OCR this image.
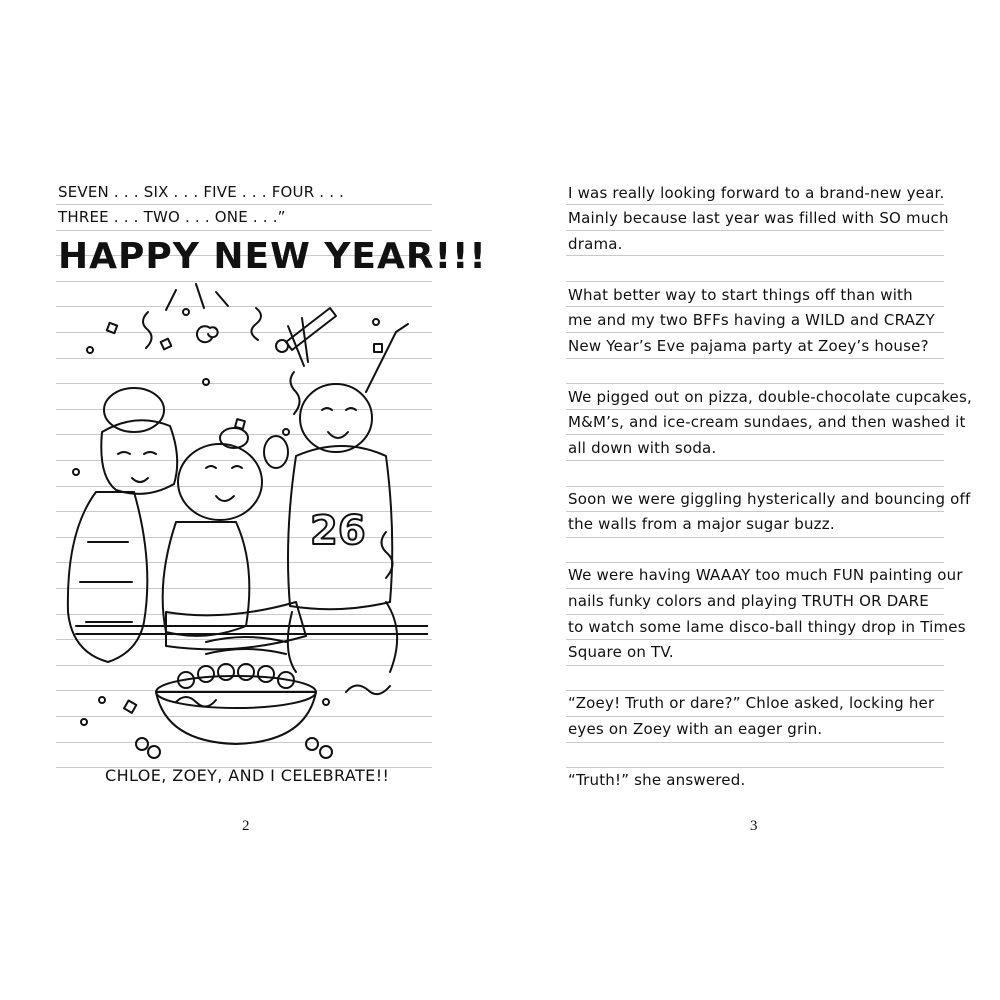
SEVEN . . . SIX . . . FIVE . . . FOUR . . .
THREE . . . TWO . . . ONE . . .”
HAPPY NEW YEAR!!!
26
CHLOE, ZOEY, AND I CELEBRATE!!
2
I was really looking forward to a brand-new year.
Mainly because last year was filled with SO much
drama.
What better way to start things off than with
me and my two BFFs having a WILD and CRAZY
New Year’s Eve pajama party at Zoey’s house?
We pigged out on pizza, double-chocolate cupcakes,
M&M’s, and ice-cream sundaes, and then washed it
all down with soda.
Soon we were giggling hysterically and bouncing off
the walls from a major sugar buzz.
We were having WAAAY too much FUN painting our
nails funky colors and playing TRUTH OR DARE
to watch some lame disco-ball thingy drop in Times
Square on TV.
“Zoey! Truth or dare?” Chloe asked, locking her
eyes on Zoey with an eager grin.
“Truth!” she answered.
3
